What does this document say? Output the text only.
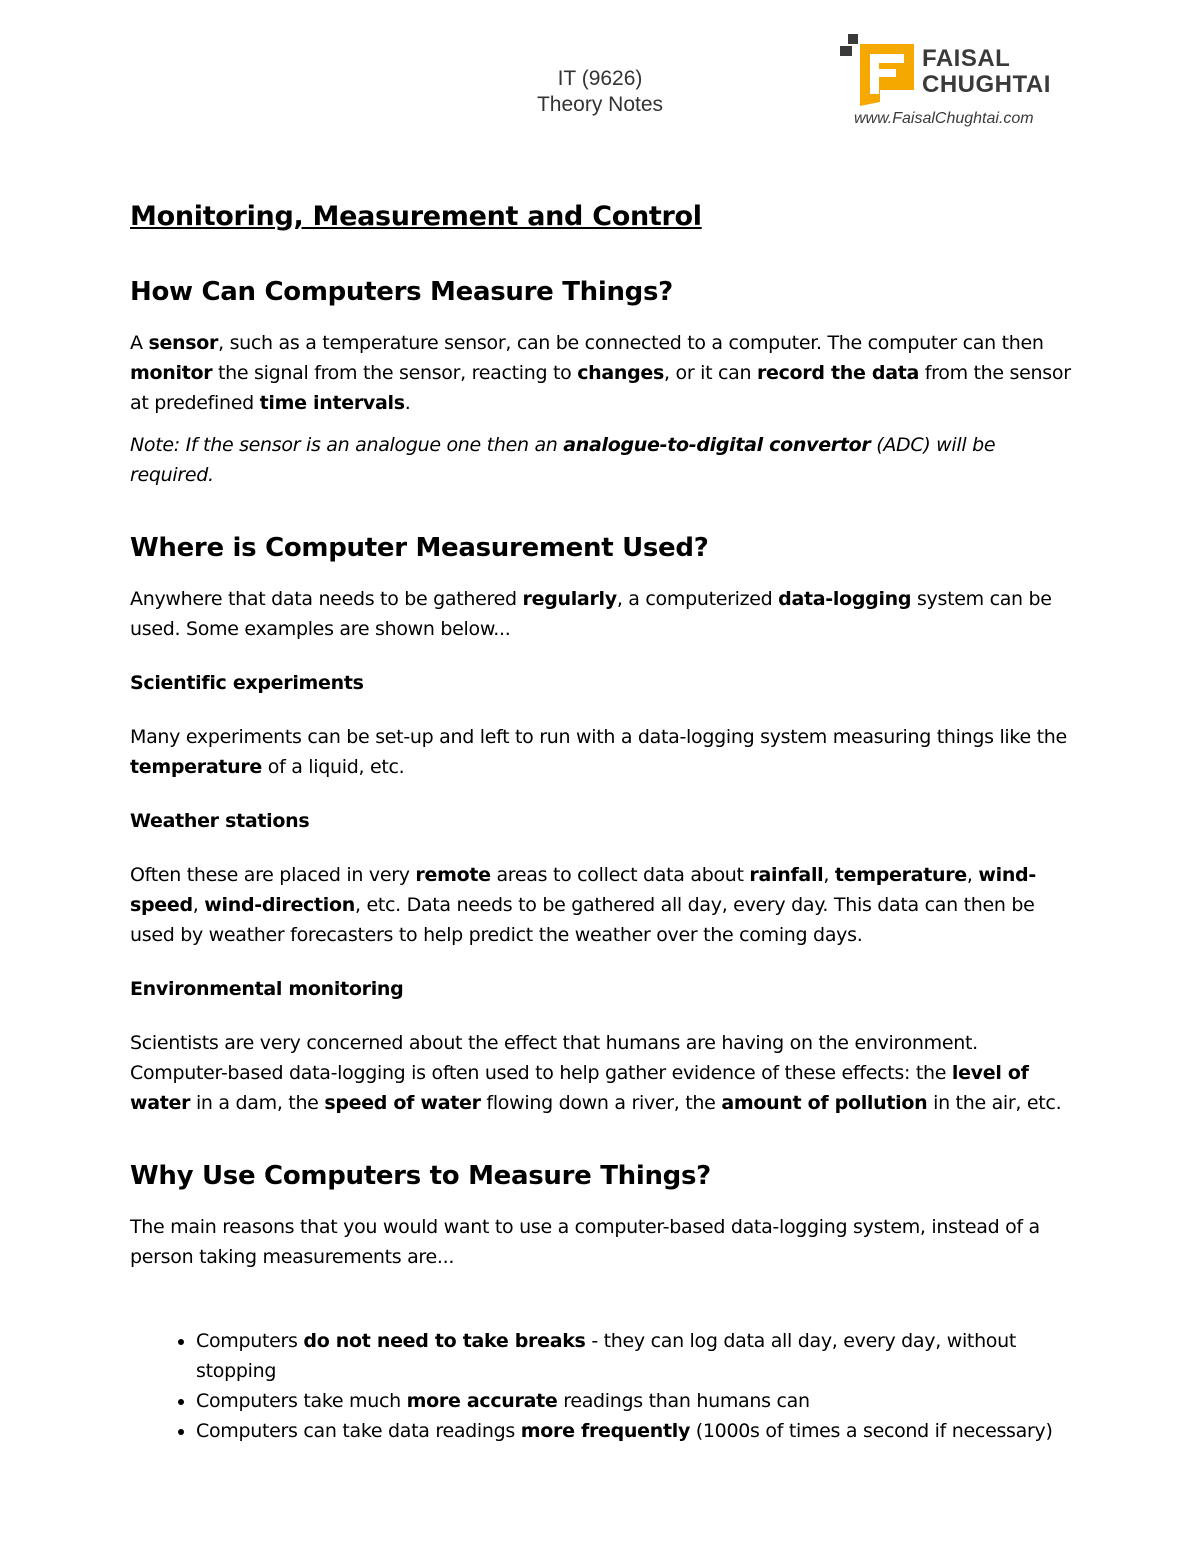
IT (9626)
Theory Notes
FAISAL
CHUGHTAI
www.FaisalChughtai.com
Monitoring, Measurement and Control
How Can Computers Measure Things?

A sensor, such as a temperature sensor, can be connected to a computer. The computer can then monitor the signal from the sensor, reacting to changes, or it can record the data from the sensor at predefined time intervals.

Note: If the sensor is an analogue one then an analogue-to-digital convertor (ADC) will be required.

Where is Computer Measurement Used?

Anywhere that data needs to be gathered regularly, a computerized data-logging system can be used. Some examples are shown below...

Scientific experiments

Many experiments can be set-up and left to run with a data-logging system measuring things like the temperature of a liquid, etc.

Weather stations

Often these are placed in very remote areas to collect data about rainfall, temperature, wind-speed, wind-direction, etc. Data needs to be gathered all day, every day. This data can then be used by weather forecasters to help predict the weather over the coming days.

Environmental monitoring

Scientists are very concerned about the effect that humans are having on the environment. Computer-based data-logging is often used to help gather evidence of these effects: the level of water in a dam, the speed of water flowing down a river, the amount of pollution in the air, etc.

Why Use Computers to Measure Things?

The main reasons that you would want to use a computer-based data-logging system, instead of a person taking measurements are...

• Computers do not need to take breaks - they can log data all day, every day, without stopping
• Computers take much more accurate readings than humans can
• Computers can take data readings more frequently (1000s of times a second if necessary)
